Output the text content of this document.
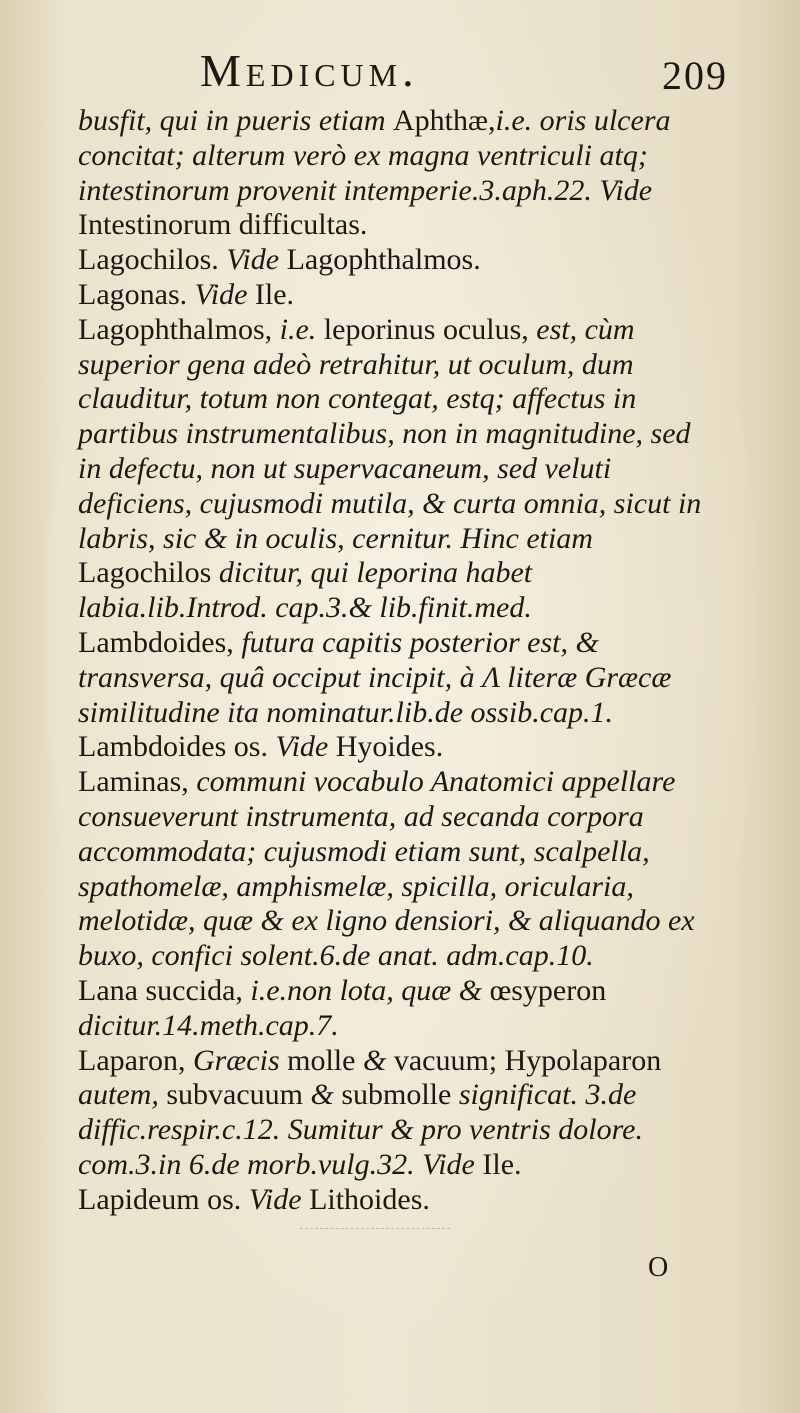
Medicum.	209

busfit, qui in pueris etiam Aphthæ,i.e. oris ulcera concitat; alterum verò ex magna ventriculi atq; intestinorum provenit intemperie.3.aph.22. Vide Intestinorum difficultas.

Lagochilos. Vide Lagophthalmos.

Lagonas. Vide Ile.

Lagophthalmos, i.e. leporinus oculus, est, cùm superior gena adeò retrahitur, ut oculum, dum clauditur, totum non contegat, estq; affectus in partibus instrumentalibus, non in magnitudine, sed in defectu, non ut supervacaneum, sed veluti deficiens, cujusmodi mutila, & curta omnia, sicut in labris, sic & in oculis, cernitur. Hinc etiam Lagochilos dicitur, qui leporina habet labia.lib.Introd. cap.3.& lib.finit.med.

Lambdoides, futura capitis posterior est, & transversa, quâ occiput incipit, à Λ literæ Græcæ similitudine ita nominatur.lib.de ossib.cap.1.

Lambdoides os. Vide Hyoides.

Laminas, communi vocabulo Anatomici appellare consueverunt instrumenta, ad secanda corpora accommodata; cujusmodi etiam sunt, scalpella, spathomelæ, amphismelæ, spicilla, oricularia, melotidæ, quæ & ex ligno densiori, & aliquando ex buxo, confici solent.6.de anat. adm.cap.10.

Lana succida, i.e.non lota, quæ & œsyperon dicitur.14.meth.cap.7.

Laparon, Græcis molle & vacuum; Hypolaparon autem, subvacuum & submolle significat. 3.de diffic.respir.c.12. Sumitur & pro ventris dolore. com.3.in 6.de morb.vulg.32. Vide Ile.

Lapideum os. Vide Lithoides.

O
